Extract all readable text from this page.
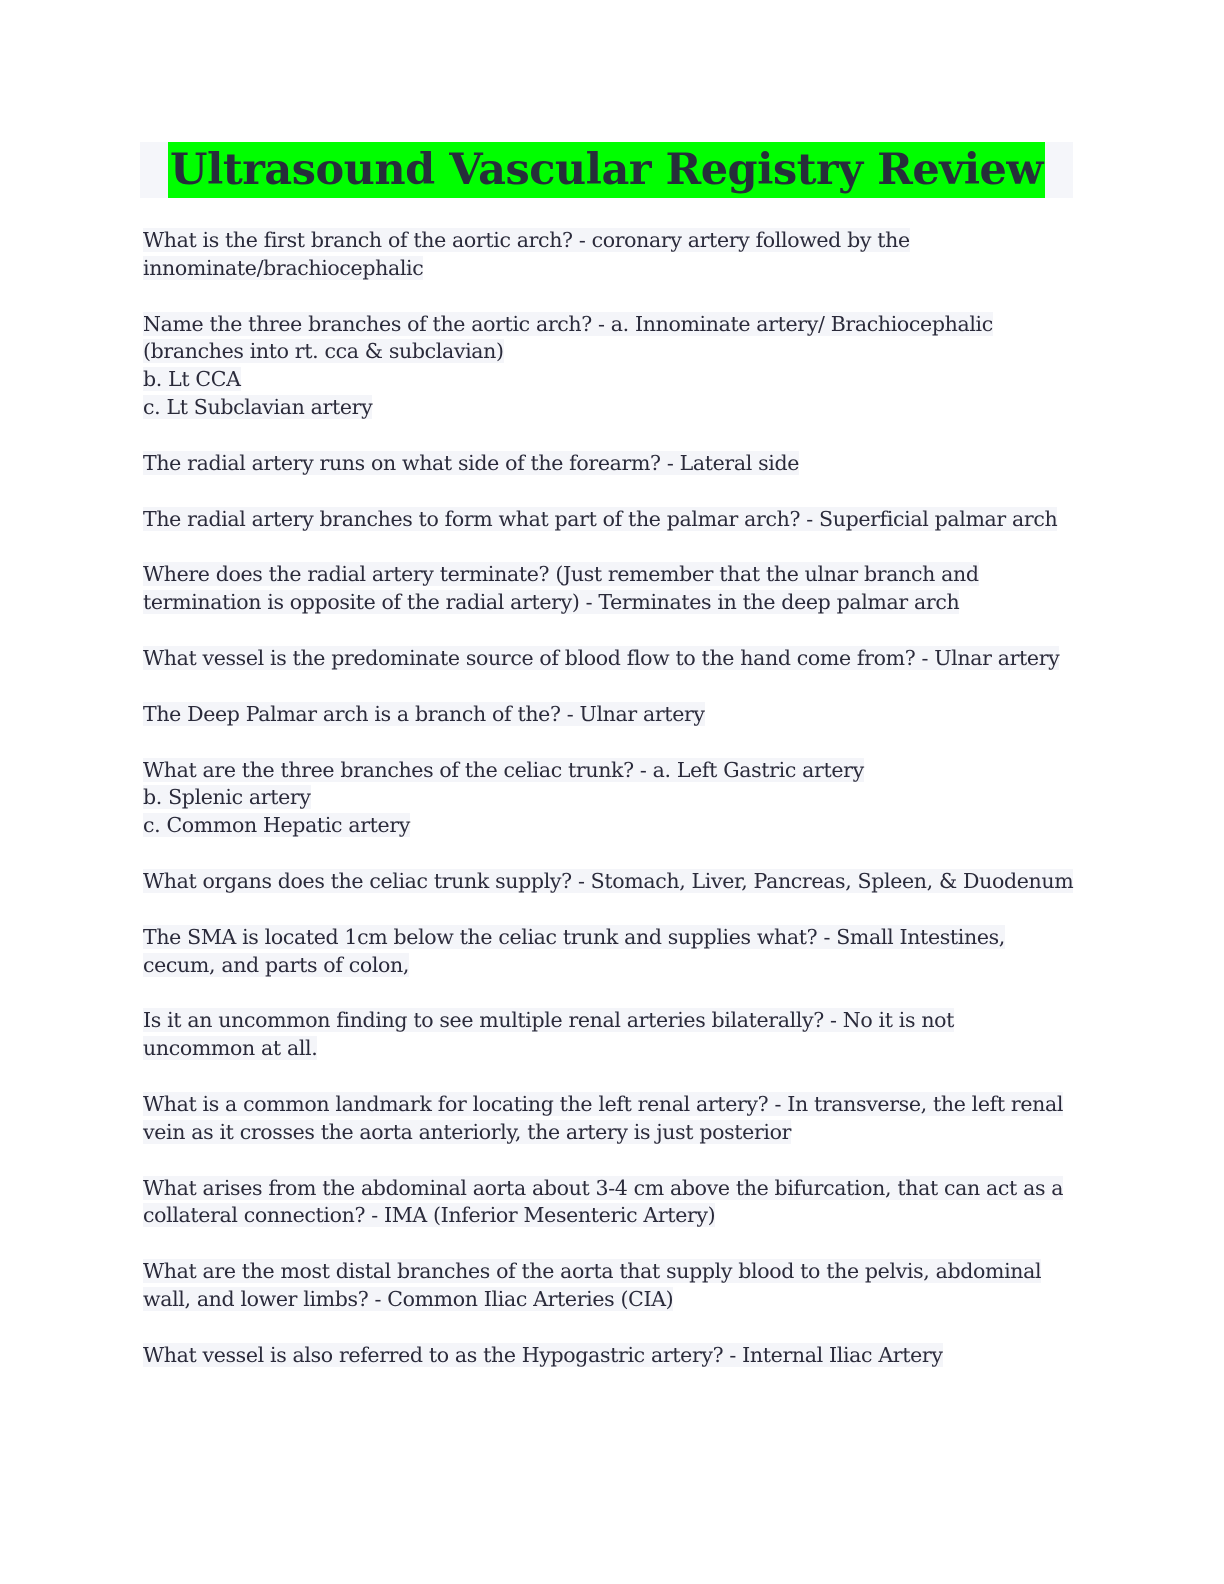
Ultrasound Vascular Registry Review
What is the first branch of the aortic arch? - coronary artery followed by the
innominate/brachiocephalic
Name the three branches of the aortic arch? - a. Innominate artery/ Brachiocephalic
(branches into rt. cca & subclavian)
b. Lt CCA
c. Lt Subclavian artery
The radial artery runs on what side of the forearm? - Lateral side
The radial artery branches to form what part of the palmar arch? - Superficial palmar arch
Where does the radial artery terminate? (Just remember that the ulnar branch and
termination is opposite of the radial artery) - Terminates in the deep palmar arch
What vessel is the predominate source of blood flow to the hand come from? - Ulnar artery
The Deep Palmar arch is a branch of the? - Ulnar artery
What are the three branches of the celiac trunk? - a. Left Gastric artery
b. Splenic artery
c. Common Hepatic artery
What organs does the celiac trunk supply? - Stomach, Liver, Pancreas, Spleen, & Duodenum
The SMA is located 1cm below the celiac trunk and supplies what? - Small Intestines,
cecum, and parts of colon,
Is it an uncommon finding to see multiple renal arteries bilaterally? - No it is not
uncommon at all.
What is a common landmark for locating the left renal artery? - In transverse, the left renal
vein as it crosses the aorta anteriorly, the artery is just posterior
What arises from the abdominal aorta about 3-4 cm above the bifurcation, that can act as a
collateral connection? - IMA (Inferior Mesenteric Artery)
What are the most distal branches of the aorta that supply blood to the pelvis, abdominal
wall, and lower limbs? - Common Iliac Arteries (CIA)
What vessel is also referred to as the Hypogastric artery? - Internal Iliac Artery
